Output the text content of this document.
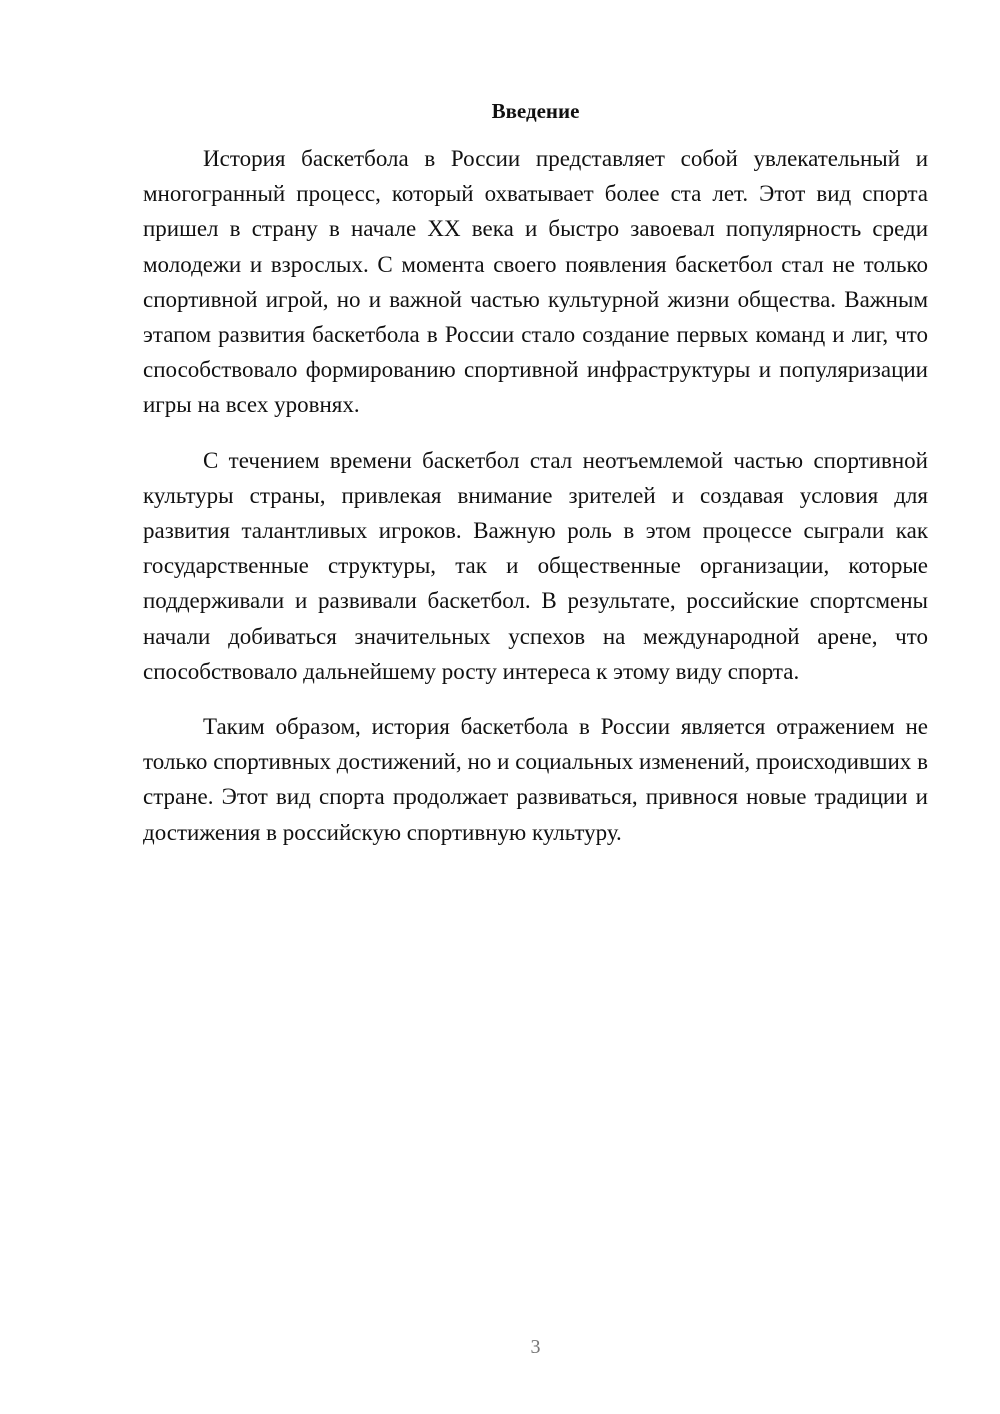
Введение

История баскетбола в России представляет собой увлекательный и многогранный процесс, который охватывает более ста лет. Этот вид спорта пришел в страну в начале XX века и быстро завоевал популярность среди молодежи и взрослых. С момента своего появления баскетбол стал не только спортивной игрой, но и важной частью культурной жизни общества. Важным этапом развития баскетбола в России стало создание первых команд и лиг, что способствовало формированию спортивной инфраструктуры и популяризации игры на всех уровнях.

С течением времени баскетбол стал неотъемлемой частью спортивной культуры страны, привлекая внимание зрителей и создавая условия для развития талантливых игроков. Важную роль в этом процессе сыграли как государственные структуры, так и общественные организации, которые поддерживали и развивали баскетбол. В результате, российские спортсмены начали добиваться значительных успехов на международной арене, что способствовало дальнейшему росту интереса к этому виду спорта.

Таким образом, история баскетбола в России является отражением не только спортивных достижений, но и социальных изменений, происходивших в стране. Этот вид спорта продолжает развиваться, привнося новые традиции и достижения в российскую спортивную культуру.

3
